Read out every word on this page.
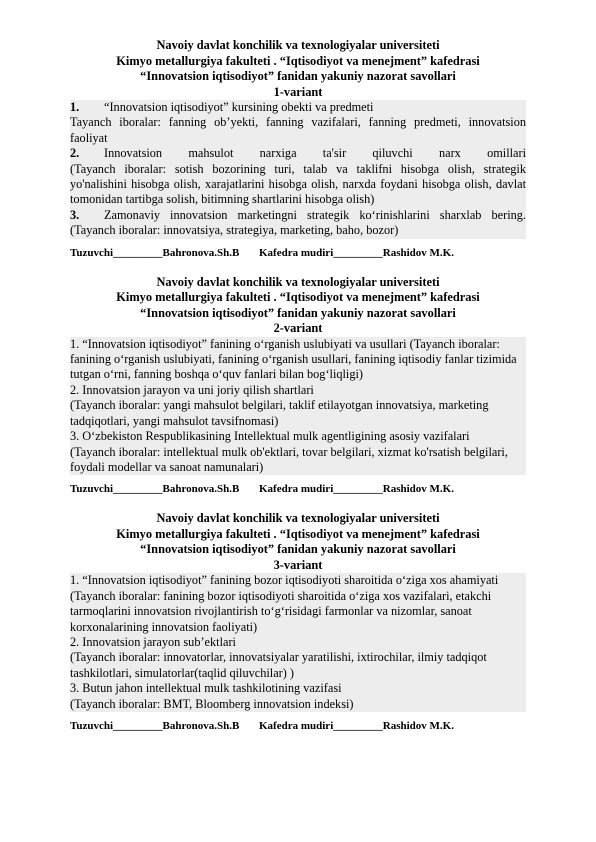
Navoiy davlat konchilik va texnologiyalar universiteti
Kimyo metallurgiya fakulteti . “Iqtisodiyot va menejment” kafedrasi
“Innovatsion iqtisodiyot” fanidan yakuniy nazorat savollari
1-variant
1.	“Innovatsion iqtisodiyot” kursining obekti va predmeti
Tayanch iboralar: fanning ob’yekti, fanning vazifalari, fanning predmeti, innovatsion faoliyat
2.	Innovatsion mahsulot narxiga ta'sir qiluvchi narx omillari
(Tayanch iboralar: sotish bozorining turi, talab va taklifni hisobga olish, strategik yo'nalishini hisobga olish, xarajatlarini hisobga olish, narxda foydani hisobga olish, davlat tomonidan tartibga solish, bitimning shartlarini hisobga olish)
3.	Zamonaviy innovatsion marketingni strategik ko‘rinishlarini sharxlab bering.
(Tayanch iboralar: innovatsiya, strategiya, marketing, baho, bozor)
Tuzuvchi_________Bahronova.Sh.B	Kafedra mudiri_________Rashidov M.K.
Navoiy davlat konchilik va texnologiyalar universiteti
Kimyo metallurgiya fakulteti . “Iqtisodiyot va menejment” kafedrasi
“Innovatsion iqtisodiyot” fanidan yakuniy nazorat savollari
2-variant
1. “Innovatsion iqtisodiyot” fanining o‘rganish uslubiyati va usullari (Tayanch iboralar: fanining o‘rganish uslubiyati, fanining o‘rganish usullari, fanining iqtisodiy fanlar tizimida tutgan o‘rni, fanning boshqa o‘quv fanlari bilan bog‘liqligi)
2. Innovatsion jarayon va uni joriy qilish shartlari
(Tayanch iboralar: yangi mahsulot belgilari, taklif etilayotgan innovatsiya, marketing tadqiqotlari, yangi mahsulot tavsifnomasi)
3. O‘zbekiston Respublikasining Intellektual mulk agentligining asosiy vazifalari
(Tayanch iboralar: intellektual mulk ob'ektlari, tovar belgilari, xizmat ko'rsatish belgilari, foydali modellar va sanoat namunalari)
Tuzuvchi_________Bahronova.Sh.B	Kafedra mudiri_________Rashidov M.K.
Navoiy davlat konchilik va texnologiyalar universiteti
Kimyo metallurgiya fakulteti . “Iqtisodiyot va menejment” kafedrasi
“Innovatsion iqtisodiyot” fanidan yakuniy nazorat savollari
3-variant
1. “Innovatsion iqtisodiyot” fanining bozor iqtisodiyoti sharoitida o‘ziga xos ahamiyati
(Tayanch iboralar: fanining bozor iqtisodiyoti sharoitida o‘ziga xos vazifalari, etakchi tarmoqlarini innovatsion rivojlantirish to‘g‘risidagi farmonlar va nizomlar, sanoat korxonalarining innovatsion faoliyati)
2. Innovatsion jarayon sub’ektlari
(Tayanch iboralar: innovatorlar, innovatsiyalar yaratilishi, ixtirochilar, ilmiy tadqiqot tashkilotlari, simulatorlar(taqlid qiluvchilar) )
3. Butun jahon intellektual mulk tashkilotining vazifasi
(Tayanch iboralar: BMT, Bloomberg innovatsion indeksi)
Tuzuvchi_________Bahronova.Sh.B	Kafedra mudiri_________Rashidov M.K.
